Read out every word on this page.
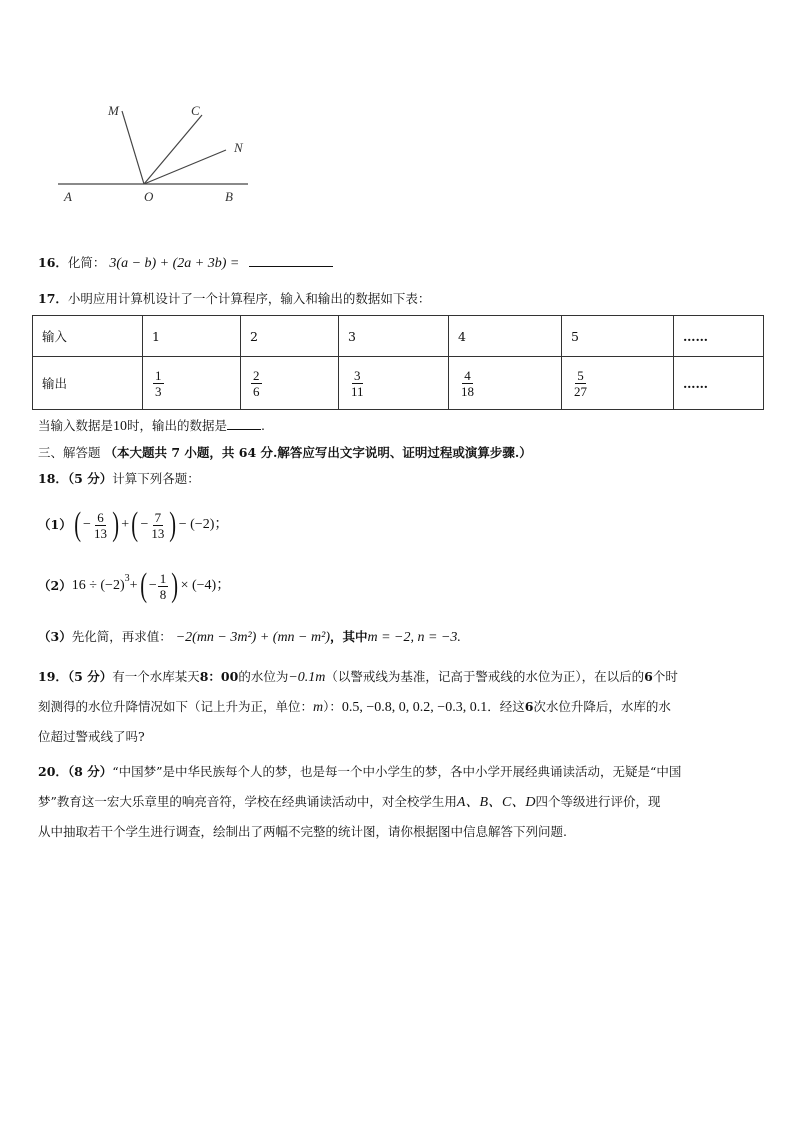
M	C
N
A	O	B
16．化简： 3(a − b) + (2a + 3b) =
17．小明应用计算机设计了一个计算程序，输入和输出的数据如下表：
输入	1	2	3	4	5	……
输出	$\frac{1}{3}$	$\frac{2}{6}$	$\frac{3}{11}$	$\frac{4}{18}$	$\frac{5}{27}$	……
当输入数据是10时，输出的数据是	.
三、解答题 （本大题共 7 小题，共 64 分.解答应写出文字说明、证明过程或演算步骤.）
18．（5 分）计算下列各题：
（1） ( − $\frac{6}{13}$ ) + ( − $\frac{7}{13}$ ) − (−2)；
（2） $16 \div (-2)^3$ + ( − $\frac{1}{8}$ ) × (−4)；
（3）先化简，再求值： −2(mn − 3m²) + (mn − m²)，其中m = −2, n = −3.
19．（5 分）有一个水库某天8：00的水位为−0.1m（以警戒线为基准，记高于警戒线的水位为正），在以后的6个时
刻测得的水位升降情况如下（记上升为正，单位：m）：0.5, −0.8, 0, 0.2, −0.3, 0.1．经这6次水位升降后，水库的水
位超过警戒线了吗?
20．（8 分）“中国梦”是中华民族每个人的梦，也是每一个中小学生的梦，各中小学开展经典诵读活动，无疑是“中国
梦”教育这一宏大乐章里的响亮音符，学校在经典诵读活动中，对全校学生用A、B、C、D四个等级进行评价，现
从中抽取若干个学生进行调查，绘制出了两幅不完整的统计图，请你根据图中信息解答下列问题.
